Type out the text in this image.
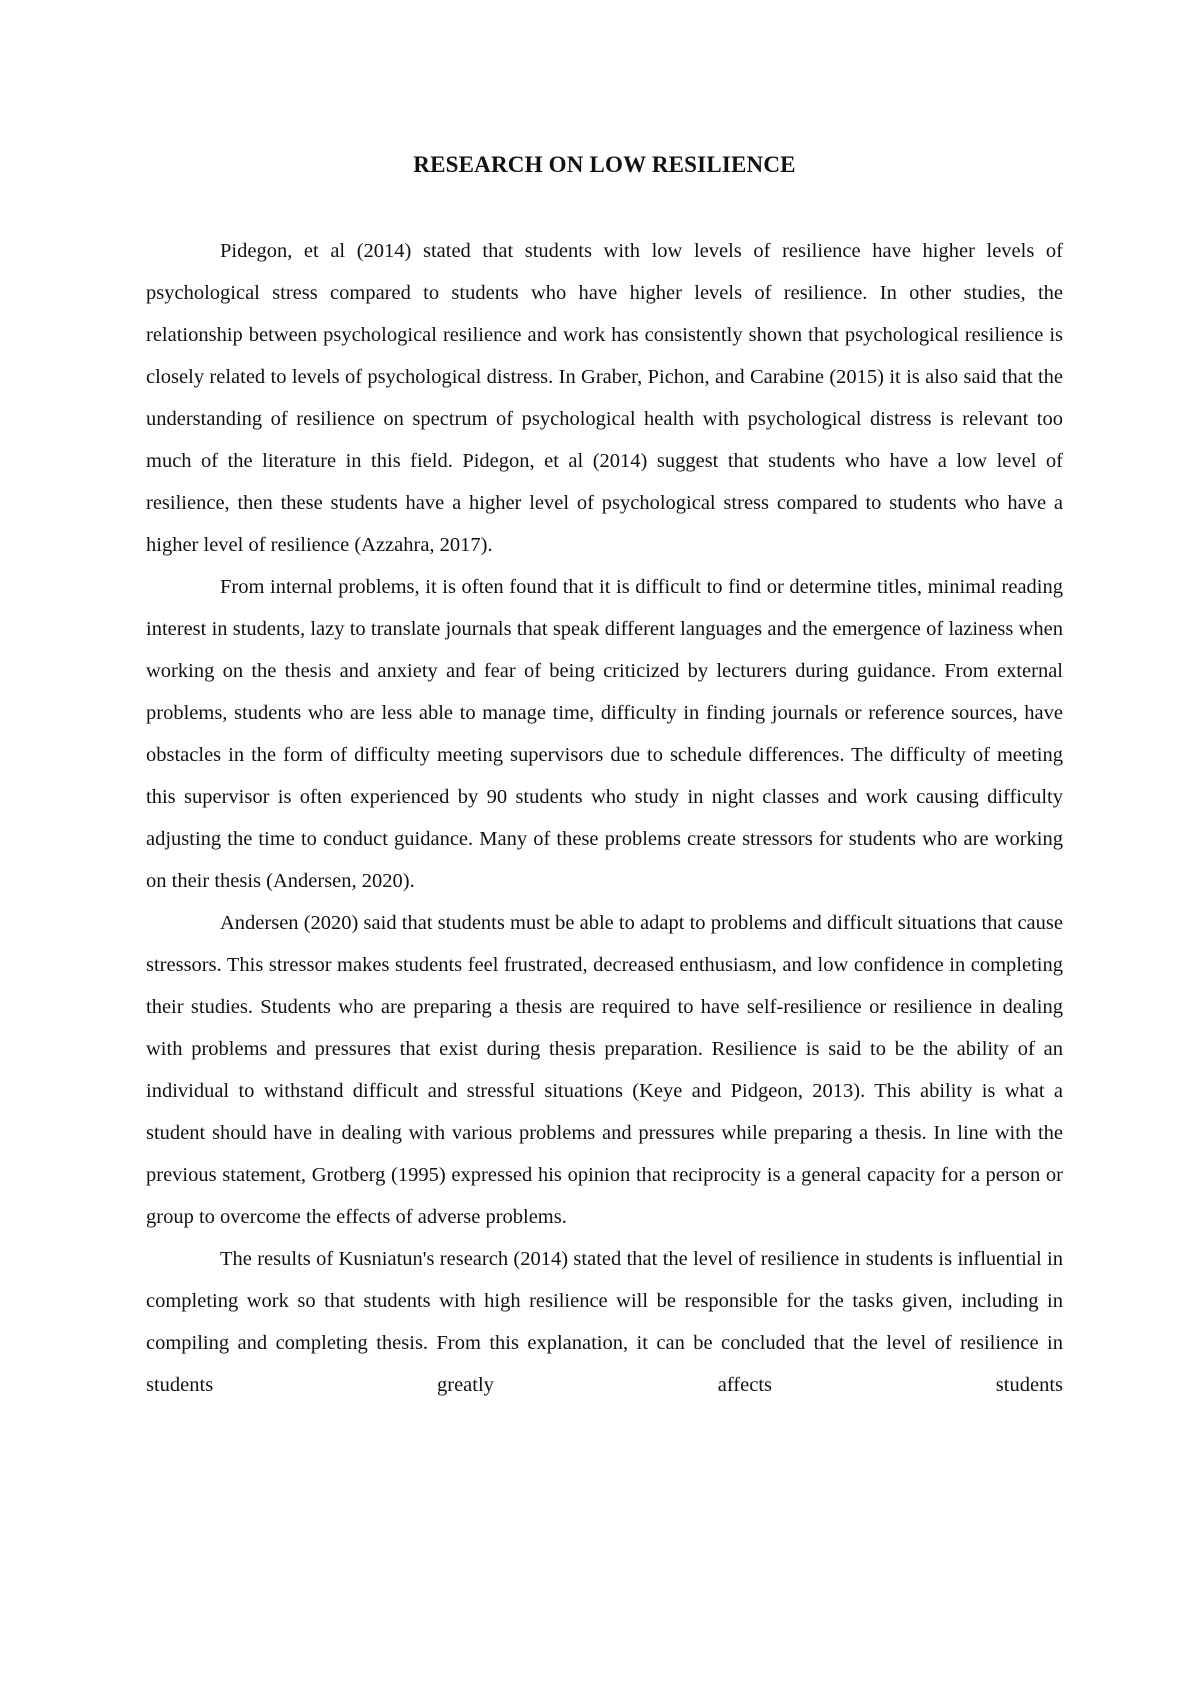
RESEARCH ON LOW RESILIENCE

Pidegon, et al (2014) stated that students with low levels of resilience have higher levels of psychological stress compared to students who have higher levels of resilience. In other studies, the relationship between psychological resilience and work has consistently shown that psychological resilience is closely related to levels of psychological distress. In Graber, Pichon, and Carabine (2015) it is also said that the understanding of resilience on spectrum of psychological health with psychological distress is relevant too much of the literature in this field. Pidegon, et al (2014) suggest that students who have a low level of resilience, then these students have a higher level of psychological stress compared to students who have a higher level of resilience (Azzahra, 2017).

From internal problems, it is often found that it is difficult to find or determine titles, minimal reading interest in students, lazy to translate journals that speak different languages and the emergence of laziness when working on the thesis and anxiety and fear of being criticized by lecturers during guidance. From external problems, students who are less able to manage time, difficulty in finding journals or reference sources, have obstacles in the form of difficulty meeting supervisors due to schedule differences. The difficulty of meeting this supervisor is often experienced by 90 students who study in night classes and work causing difficulty adjusting the time to conduct guidance. Many of these problems create stressors for students who are working on their thesis (Andersen, 2020).

Andersen (2020) said that students must be able to adapt to problems and difficult situations that cause stressors. This stressor makes students feel frustrated, decreased enthusiasm, and low confidence in completing their studies. Students who are preparing a thesis are required to have self-resilience or resilience in dealing with problems and pressures that exist during thesis preparation. Resilience is said to be the ability of an individual to withstand difficult and stressful situations (Keye and Pidgeon, 2013). This ability is what a student should have in dealing with various problems and pressures while preparing a thesis. In line with the previous statement, Grotberg (1995) expressed his opinion that reciprocity is a general capacity for a person or group to overcome the effects of adverse problems.

The results of Kusniatun's research (2014) stated that the level of resilience in students is influential in completing work so that students with high resilience will be responsible for the tasks given, including in compiling and completing thesis. From this explanation, it can be concluded that the level of resilience in students greatly affects students
